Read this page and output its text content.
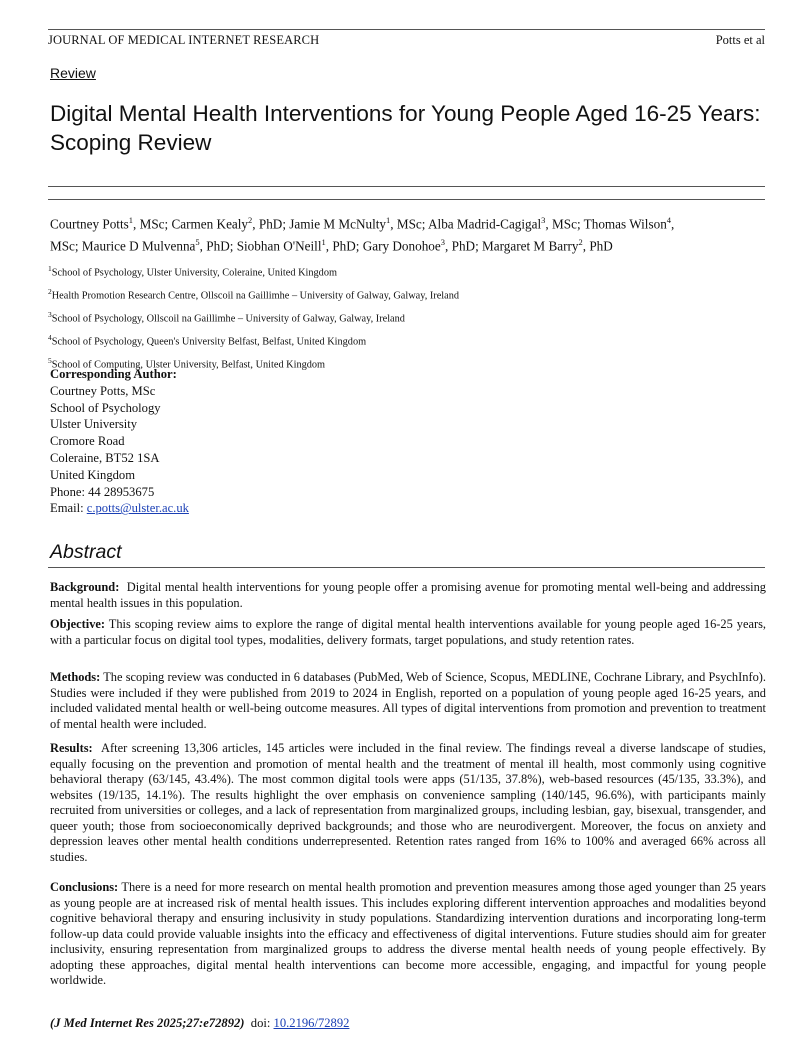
JOURNAL OF MEDICAL INTERNET RESEARCH	Potts et al
Review
Digital Mental Health Interventions for Young People Aged 16-25 Years: Scoping Review
Courtney Potts$^1$, MSc; Carmen Kealy$^2$, PhD; Jamie M McNulty$^1$, MSc; Alba Madrid-Cagigal$^3$, MSc; Thomas Wilson$^4$,
MSc; Maurice D Mulvenna$^5$, PhD; Siobhan O'Neill$^1$, PhD; Gary Donohoe$^3$, PhD; Margaret M Barry$^2$, PhD
$^1$School of Psychology, Ulster University, Coleraine, United Kingdom
$^2$Health Promotion Research Centre, Ollscoil na Gaillimhe – University of Galway, Galway, Ireland
$^3$School of Psychology, Ollscoil na Gaillimhe – University of Galway, Galway, Ireland
$^4$School of Psychology, Queen's University Belfast, Belfast, United Kingdom
$^5$School of Computing, Ulster University, Belfast, United Kingdom
Corresponding Author:
Courtney Potts, MSc
School of Psychology
Ulster University
Cromore Road
Coleraine, BT52 1SA
United Kingdom
Phone: 44 28953675
Email: c.potts@ulster.ac.uk
Abstract

Background: Digital mental health interventions for young people offer a promising avenue for promoting mental well-being and addressing mental health issues in this population.

Objective: This scoping review aims to explore the range of digital mental health interventions available for young people aged 16-25 years, with a particular focus on digital tool types, modalities, delivery formats, target populations, and study retention rates.

Methods: The scoping review was conducted in 6 databases (PubMed, Web of Science, Scopus, MEDLINE, Cochrane Library, and PsychInfo). Studies were included if they were published from 2019 to 2024 in English, reported on a population of young people aged 16-25 years, and included validated mental health or well-being outcome measures. All types of digital interventions from promotion and prevention to treatment of mental health were included.

Results: After screening 13,306 articles, 145 articles were included in the final review. The findings reveal a diverse landscape of studies, equally focusing on the prevention and promotion of mental health and the treatment of mental ill health, most commonly using cognitive behavioral therapy (63/145, 43.4%). The most common digital tools were apps (51/135, 37.8%), web-based resources (45/135, 33.3%), and websites (19/135, 14.1%). The results highlight the over emphasis on convenience sampling (140/145, 96.6%), with participants mainly recruited from universities or colleges, and a lack of representation from marginalized groups, including lesbian, gay, bisexual, transgender, and queer youth; those from socioeconomically deprived backgrounds; and those who are neurodivergent. Moreover, the focus on anxiety and depression leaves other mental health conditions underrepresented. Retention rates ranged from 16% to 100% and averaged 66% across all studies.

Conclusions: There is a need for more research on mental health promotion and prevention measures among those aged younger than 25 years as young people are at increased risk of mental health issues. This includes exploring different intervention approaches and modalities beyond cognitive behavioral therapy and ensuring inclusivity in study populations. Standardizing intervention durations and incorporating long-term follow-up data could provide valuable insights into the efficacy and effectiveness of digital interventions. Future studies should aim for greater inclusivity, ensuring representation from marginalized groups to address the diverse mental health needs of young people effectively. By adopting these approaches, digital mental health interventions can become more accessible, engaging, and impactful for young people worldwide.

(J Med Internet Res 2025;27:e72892) doi: 10.2196/72892
